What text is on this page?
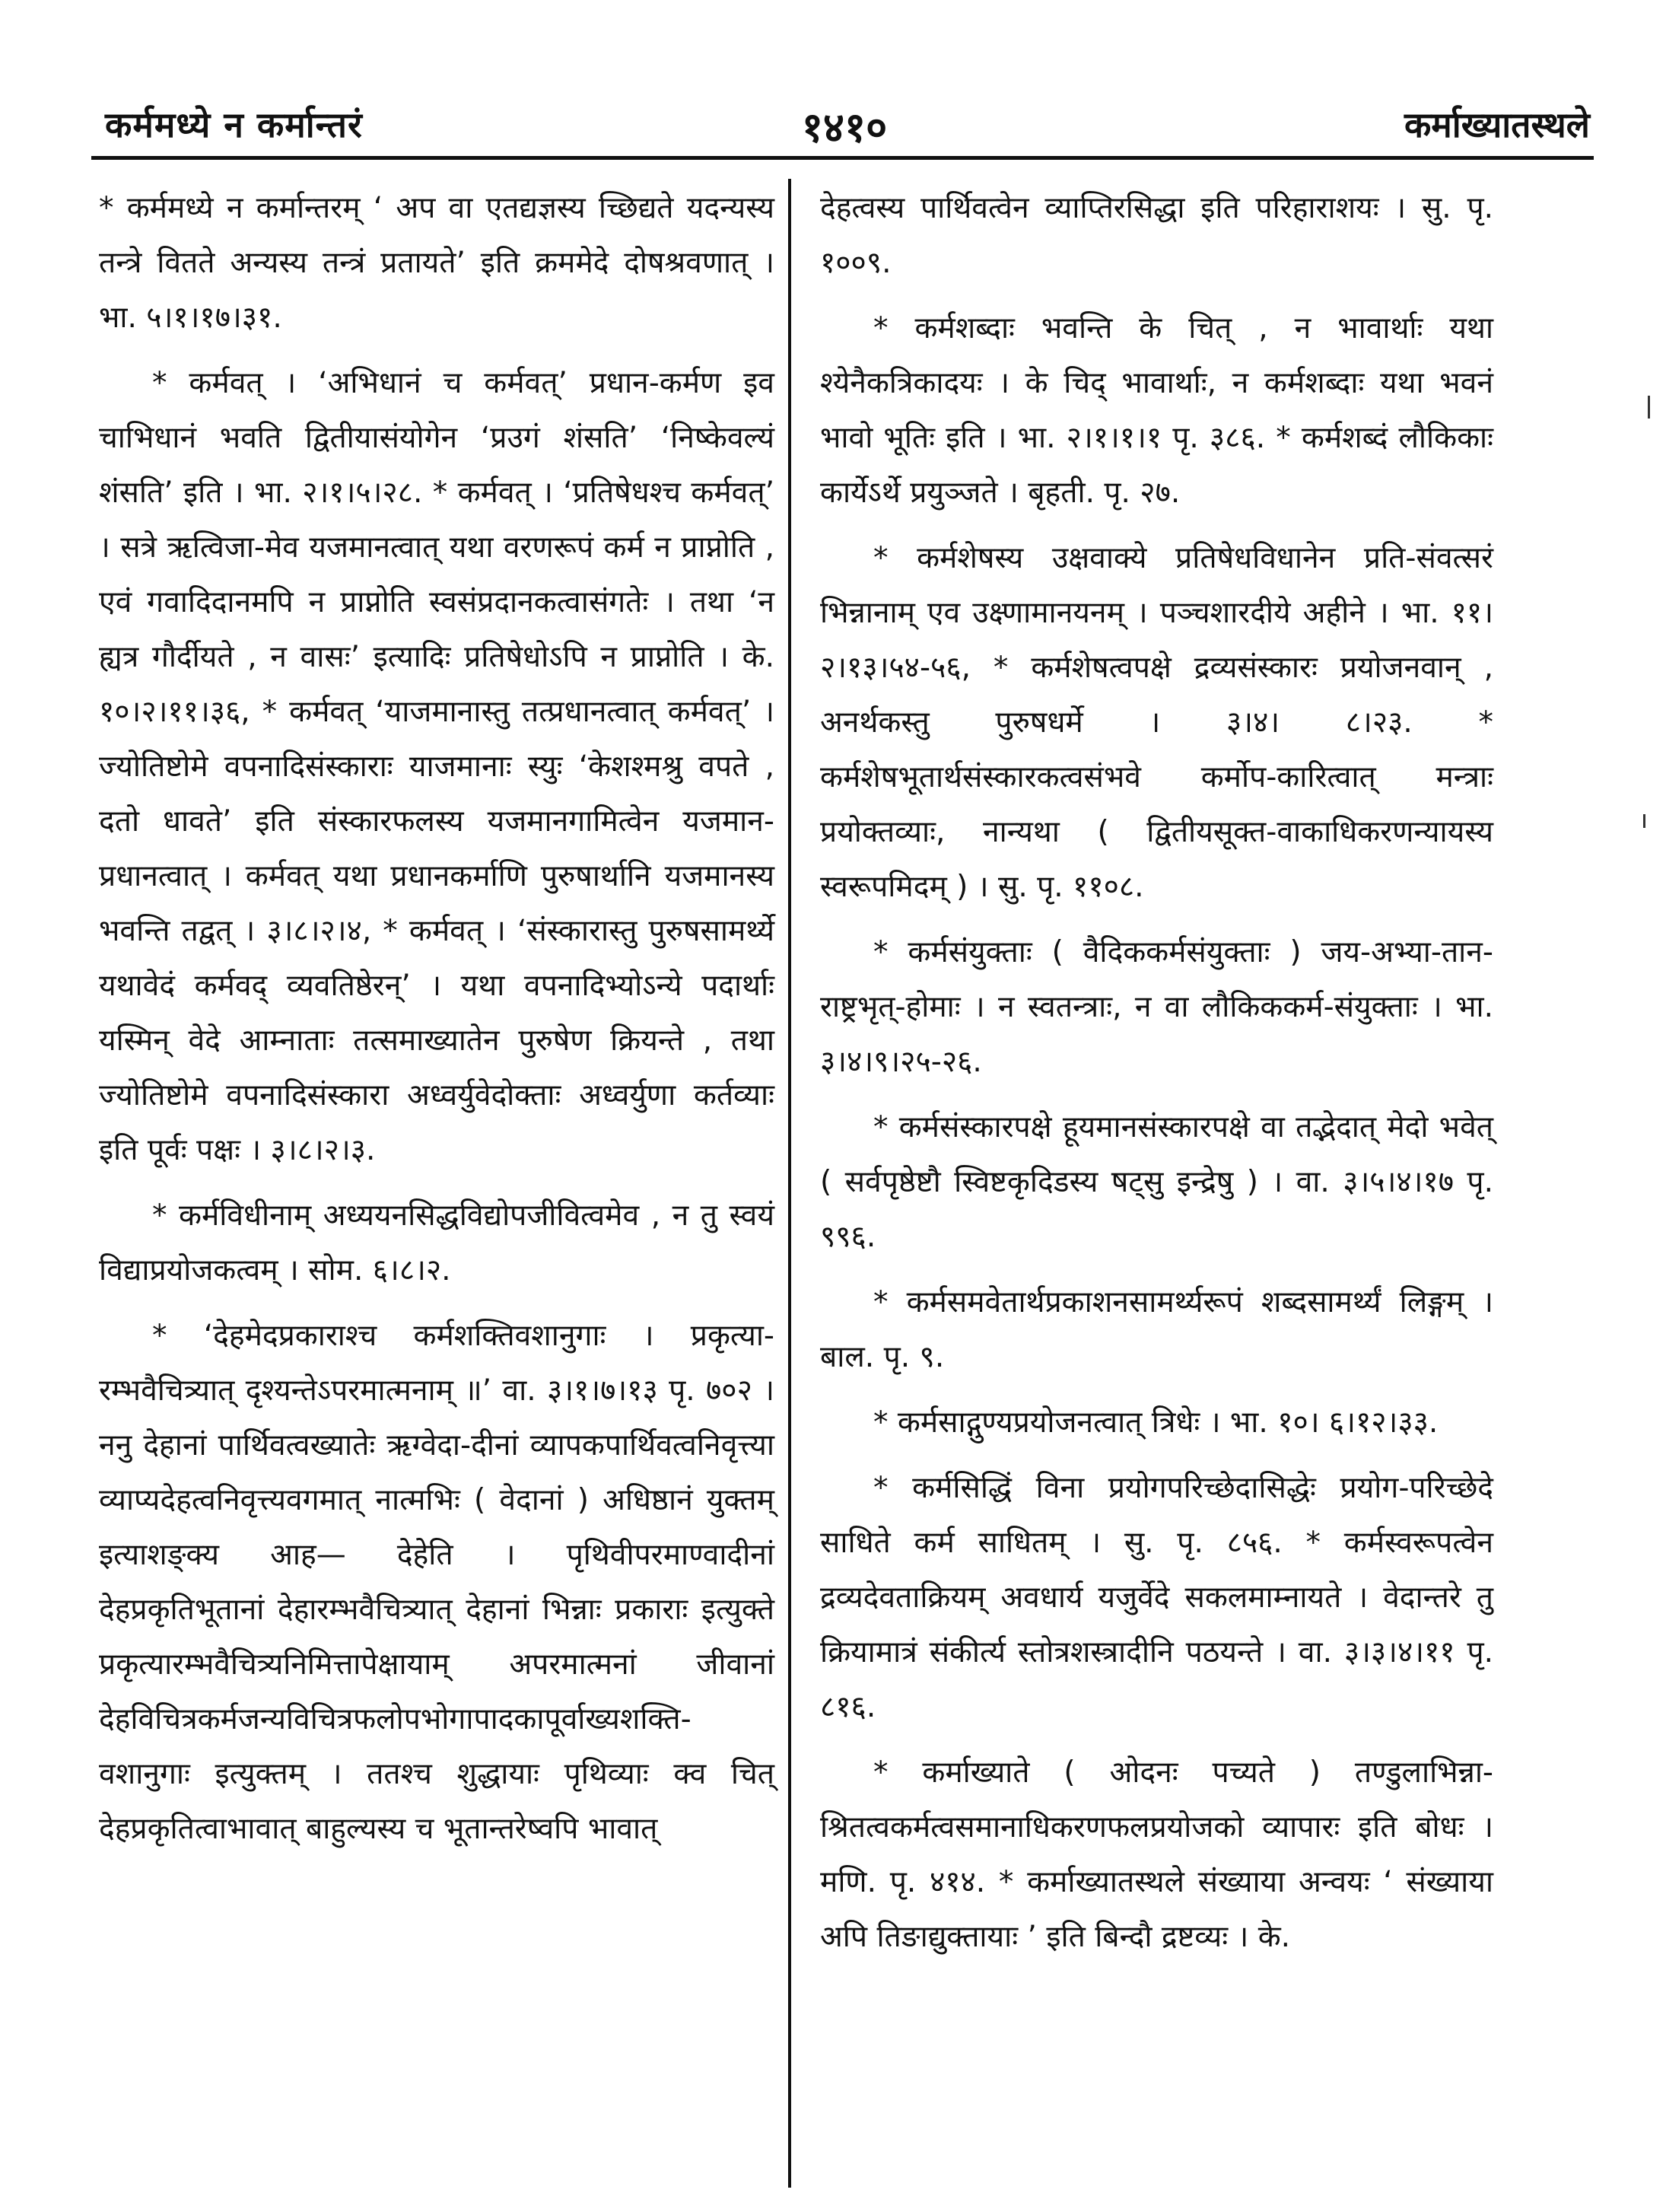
कर्ममध्ये न कर्मान्तरं	१४१०	कर्माख्यातस्थले

* कर्ममध्ये न कर्मान्तरम् ‘ अप वा एतद्यज्ञस्य च्छिद्यते यदन्यस्य तन्त्रे वितते अन्यस्य तन्त्रं प्रतायते’ इति क्रममेदे दोषश्रवणात् । भा. ५।१।१७।३१.

* कर्मवत् । ‘अभिधानं च कर्मवत्’ प्रधान-कर्मण इव चाभिधानं भवति द्वितीयासंयोगेन ‘प्रउगं शंसति’ ‘निष्केवल्यं शंसति’ इति । भा. २।१।५।२८. * कर्मवत् । ‘प्रतिषेधश्च कर्मवत्’ । सत्रे ऋत्विजा-मेव यजमानत्वात् यथा वरणरूपं कर्म न प्राप्नोति , एवं गवादिदानमपि न प्राप्नोति स्वसंप्रदानकत्वासंगतेः । तथा ‘न ह्यत्र गौर्दीयते , न वासः’ इत्यादिः प्रतिषेधोऽपि न प्राप्नोति । के. १०।२।११।३६, * कर्मवत् ‘याजमानास्तु तत्प्रधानत्वात् कर्मवत्’ । ज्योतिष्टोमे वपनादिसंस्काराः याजमानाः स्युः ‘केशश्मश्रु वपते , दतो धावते’ इति संस्कारफलस्य यजमानगामित्वेन यजमान-प्रधानत्वात् । कर्मवत् यथा प्रधानकर्माणि पुरुषार्थानि यजमानस्य भवन्ति तद्वत् । ३।८।२।४, * कर्मवत् । ‘संस्कारास्तु पुरुषसामर्थ्ये यथावेदं कर्मवद् व्यवतिष्ठेरन्’ । यथा वपनादिभ्योऽन्ये पदार्थाः यस्मिन् वेदे आम्नाताः तत्समाख्यातेन पुरुषेण क्रियन्ते , तथा ज्योतिष्टोमे वपनादिसंस्कारा अध्वर्युवेदोक्ताः अध्वर्युणा कर्तव्याः इति पूर्वः पक्षः । ३।८।२।३.

* कर्मविधीनाम् अध्ययनसिद्धविद्योपजीवित्वमेव , न तु स्वयं विद्याप्रयोजकत्वम् । सोम. ६।८।२.

* ‘देहमेदप्रकाराश्च कर्मशक्तिवशानुगाः । प्रकृत्या-रम्भवैचित्र्यात् दृश्यन्तेऽपरमात्मनाम् ॥’ वा. ३।१।७।१३ पृ. ७०२ । ननु देहानां पार्थिवत्वख्यातेः ऋग्वेदा-दीनां व्यापकपार्थिवत्वनिवृत्त्या व्याप्यदेहत्वनिवृत्त्यवगमात् नात्मभिः ( वेदानां ) अधिष्ठानं युक्तम् इत्याशङ्क्य आह— देहेति । पृथिवीपरमाण्वादीनां देहप्रकृतिभूतानां देहारम्भवैचित्र्यात् देहानां भिन्नाः प्रकाराः इत्युक्ते प्रकृत्यारम्भवैचित्र्यनिमित्तापेक्षायाम् अपरमात्मनां जीवानां देहविचित्रकर्मजन्यविचित्रफलोपभोगापादकापूर्वाख्यशक्ति-वशानुगाः इत्युक्तम् । ततश्च शुद्धायाः पृथिव्याः क्व चित् देहप्रकृतित्वाभावात् बाहुल्यस्य च भूतान्तरेष्वपि भावात्

देहत्वस्य पार्थिवत्वेन व्याप्तिरसिद्धा इति परिहाराशयः । सु. पृ. १००९.

* कर्मशब्दाः भवन्ति के चित् , न भावार्थाः यथा श्येनैकत्रिकादयः । के चिद् भावार्थाः, न कर्मशब्दाः यथा भवनं भावो भूतिः इति । भा. २।१।१।१ पृ. ३८६. * कर्मशब्दं लौकिकाः कार्येऽर्थे प्रयुञ्जते । बृहती. पृ. २७.

* कर्मशेषस्य उक्षवाक्ये प्रतिषेधविधानेन प्रति-संवत्सरं भिन्नानाम् एव उक्ष्णामानयनम् । पञ्चशारदीये अहीने । भा. ११।२।१३।५४-५६, * कर्मशेषत्वपक्षे द्रव्यसंस्कारः प्रयोजनवान् , अनर्थकस्तु पुरुषधर्मे । ३।४। ८।२३. * कर्मशेषभूतार्थसंस्कारकत्वसंभवे कर्मोप-कारित्वात् मन्त्राः प्रयोक्तव्याः, नान्यथा ( द्वितीयसूक्त-वाकाधिकरणन्यायस्य स्वरूपमिदम् ) । सु. पृ. ११०८.

* कर्मसंयुक्ताः ( वैदिककर्मसंयुक्ताः ) जय-अभ्या-तान-राष्ट्रभृत्-होमाः । न स्वतन्त्राः, न वा लौकिककर्म-संयुक्ताः । भा. ३।४।९।२५-२६.

* कर्मसंस्कारपक्षे हूयमानसंस्कारपक्षे वा तद्भेदात् मेदो भवेत् ( सर्वपृष्ठेष्टौ स्विष्टकृदिडस्य षट्सु इन्द्रेषु ) । वा. ३।५।४।१७ पृ. ९९६.

* कर्मसमवेतार्थप्रकाशनसामर्थ्यरूपं शब्दसामर्थ्यं लिङ्गम् । बाल. पृ. ९.

* कर्मसाद्गुण्यप्रयोजनत्वात् त्रिधेः । भा. १०। ६।१२।३३.

* कर्मसिद्धिं विना प्रयोगपरिच्छेदासिद्धेः प्रयोग-परिच्छेदे साधिते कर्म साधितम् । सु. पृ. ८५६. * कर्मस्वरूपत्वेन द्रव्यदेवताक्रियम् अवधार्य यजुर्वेदे सकलमाम्नायते । वेदान्तरे तु क्रियामात्रं संकीर्त्य स्तोत्रशस्त्रादीनि पठयन्ते । वा. ३।३।४।११ पृ. ८१६.

* कर्माख्याते ( ओदनः पच्यते ) तण्डुलाभिन्ना-श्रितत्वकर्मत्वसमानाधिकरणफलप्रयोजको व्यापारः इति बोधः । मणि. पृ. ४१४. * कर्माख्यातस्थले संख्याया अन्वयः ‘ संख्याया अपि तिङाद्युक्तायाः ’ इति बिन्दौ द्रष्टव्यः । के.
